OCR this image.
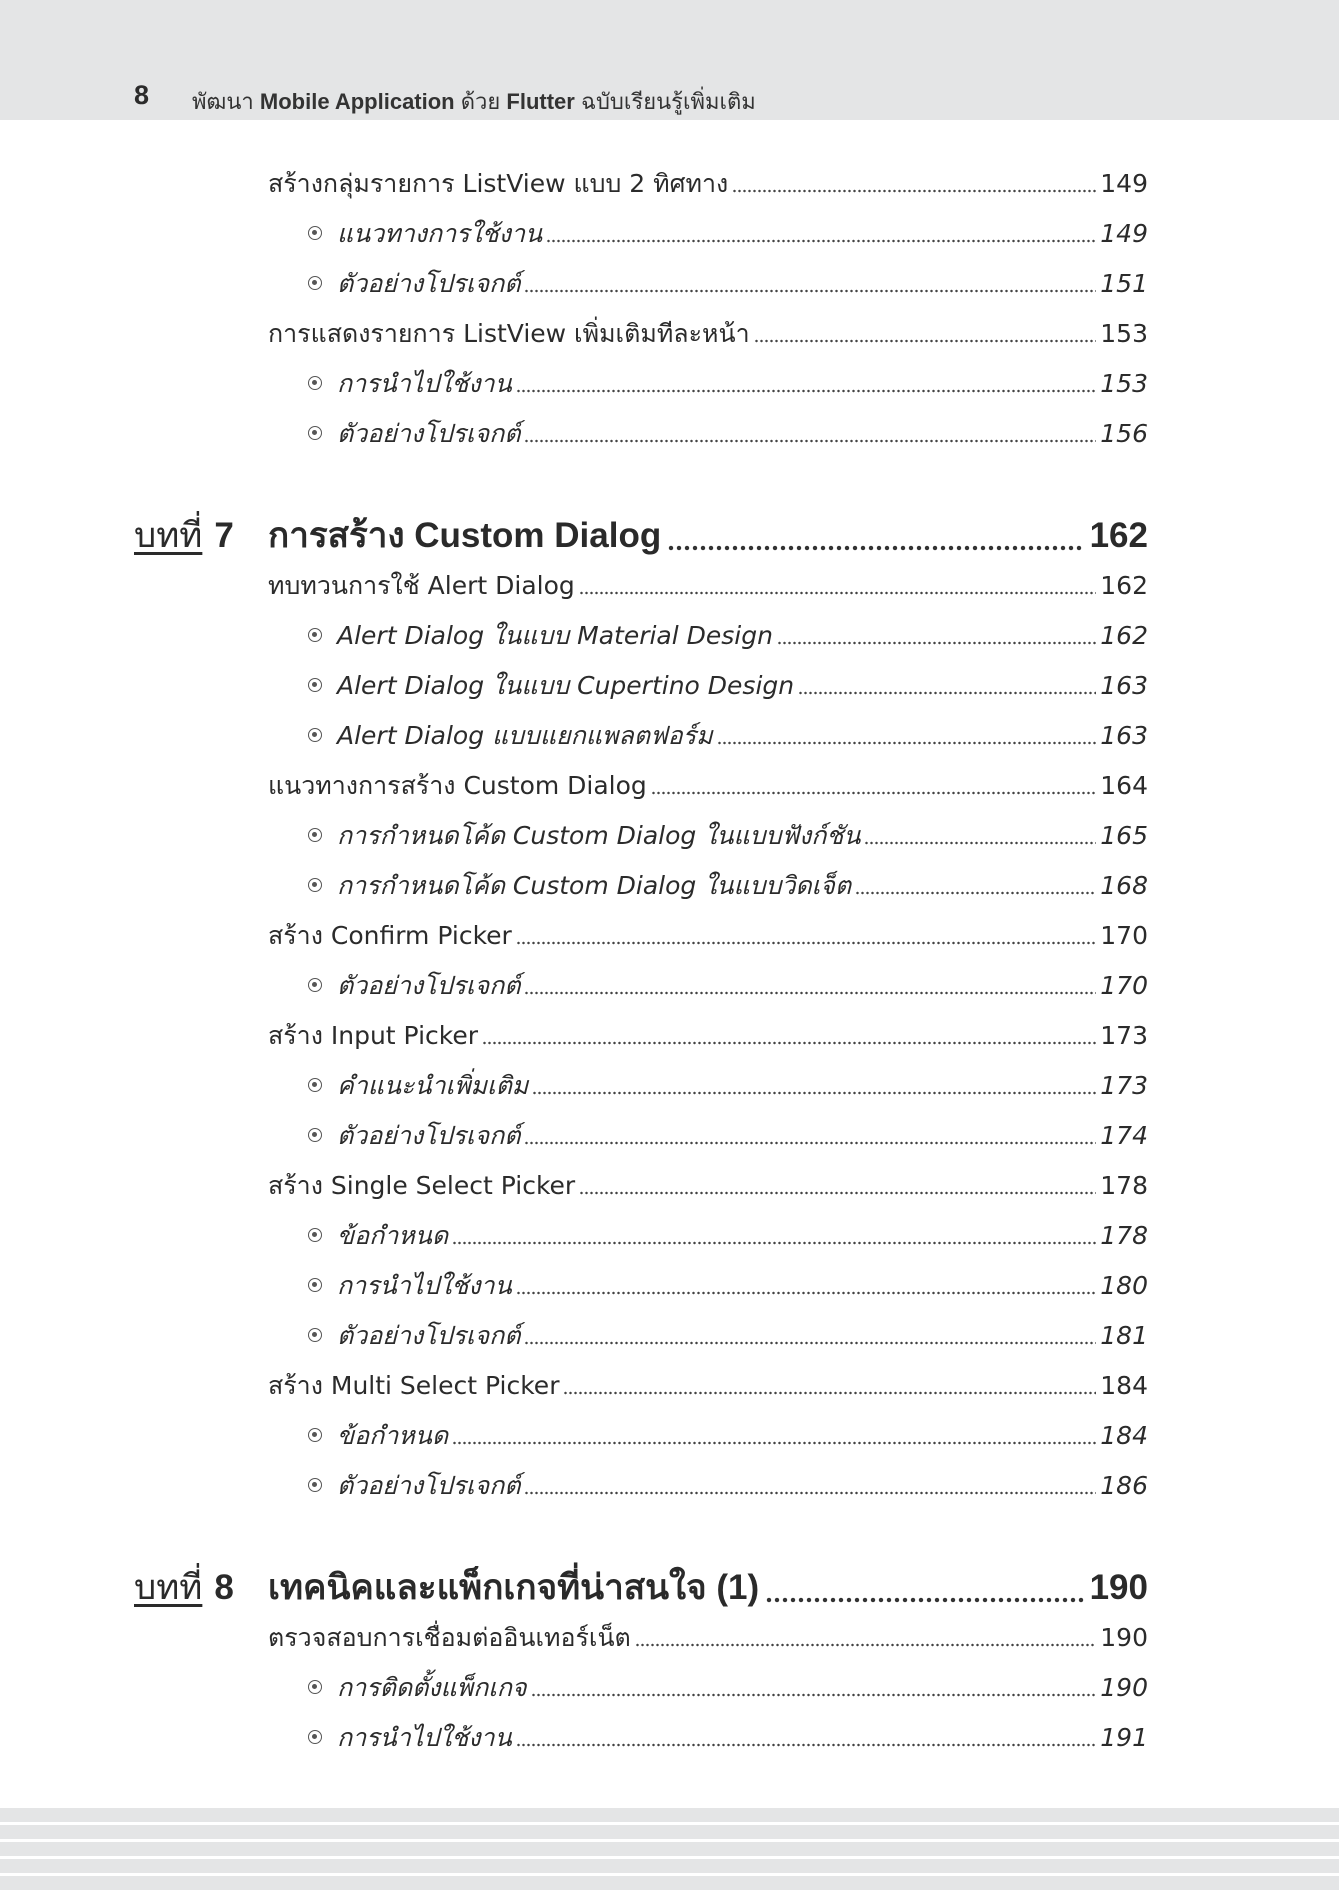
8 พัฒนา Mobile Application ด้วย Flutter ฉบับเรียนรู้เพิ่มเติม
สร้างกลุ่มรายการ ListView แบบ 2 ทิศทาง	149
แนวทางการใช้งาน	149
ตัวอย่างโปรเจกต์	151
การแสดงรายการ ListView เพิ่มเติมทีละหน้า	153
การนำไปใช้งาน	153
ตัวอย่างโปรเจกต์	156
บทที่ 7 การสร้าง Custom Dialog	162
ทบทวนการใช้ Alert Dialog	162
Alert Dialog ในแบบ Material Design	162
Alert Dialog ในแบบ Cupertino Design	163
Alert Dialog แบบแยกแพลตฟอร์ม	163
แนวทางการสร้าง Custom Dialog	164
การกำหนดโค้ด Custom Dialog ในแบบฟังก์ชัน	165
การกำหนดโค้ด Custom Dialog ในแบบวิดเจ็ต	168
สร้าง Confirm Picker	170
ตัวอย่างโปรเจกต์	170
สร้าง Input Picker	173
คำแนะนำเพิ่มเติม	173
ตัวอย่างโปรเจกต์	174
สร้าง Single Select Picker	178
ข้อกำหนด	178
การนำไปใช้งาน	180
ตัวอย่างโปรเจกต์	181
สร้าง Multi Select Picker	184
ข้อกำหนด	184
ตัวอย่างโปรเจกต์	186
บทที่ 8 เทคนิคและแพ็กเกจที่น่าสนใจ (1)	190
ตรวจสอบการเชื่อมต่ออินเทอร์เน็ต	190
การติดตั้งแพ็กเกจ	190
การนำไปใช้งาน	191
